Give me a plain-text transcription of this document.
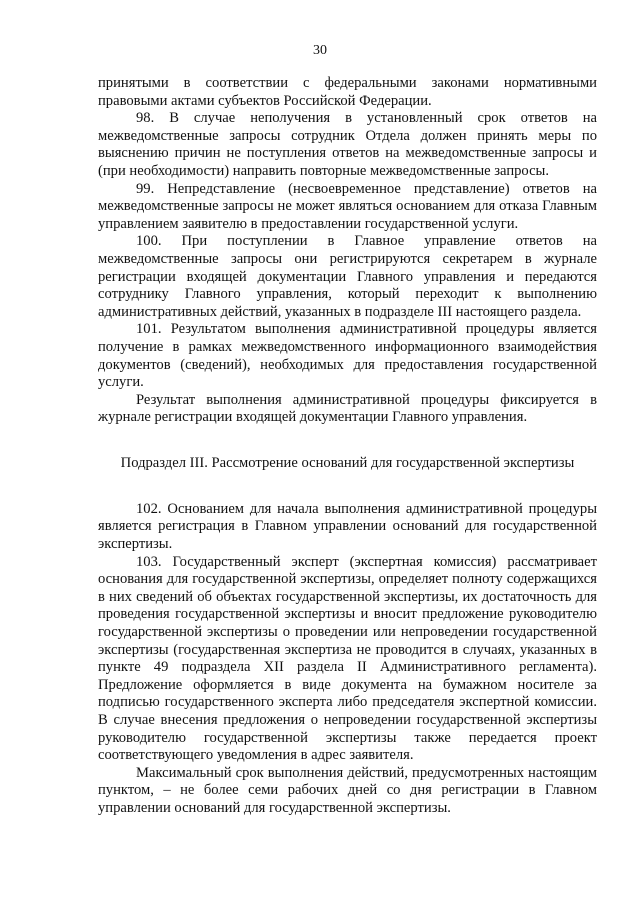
30

принятыми в соответствии с федеральными законами нормативными правовыми актами субъектов Российской Федерации.

98. В случае неполучения в установленный срок ответов на межведомственные запросы сотрудник Отдела должен принять меры по выяснению причин не поступления ответов на межведомственные запросы и (при необходимости) направить повторные межведомственные запросы.

99. Непредставление (несвоевременное представление) ответов на межведомственные запросы не может являться основанием для отказа Главным управлением заявителю в предоставлении государственной услуги.

100. При поступлении в Главное управление ответов на межведомственные запросы они регистрируются секретарем в журнале регистрации входящей документации Главного управления и передаются сотруднику Главного управления, который переходит к выполнению административных действий, указанных в подразделе III настоящего раздела.

101. Результатом выполнения административной процедуры является получение в рамках межведомственного информационного взаимодействия документов (сведений), необходимых для предоставления государственной услуги.

Результат выполнения административной процедуры фиксируется в журнале регистрации входящей документации Главного управления.

Подраздел III. Рассмотрение оснований для государственной экспертизы

102. Основанием для начала выполнения административной процедуры является регистрация в Главном управлении оснований для государственной экспертизы.

103. Государственный эксперт (экспертная комиссия) рассматривает основания для государственной экспертизы, определяет полноту содержащихся в них сведений об объектах государственной экспертизы, их достаточность для проведения государственной экспертизы и вносит предложение руководителю государственной экспертизы о проведении или непроведении государственной экспертизы (государственная экспертиза не проводится в случаях, указанных в пункте 49 подраздела XII раздела II Административного регламента). Предложение оформляется в виде документа на бумажном носителе за подписью государственного эксперта либо председателя экспертной комиссии. В случае внесения предложения о непроведении государственной экспертизы руководителю государственной экспертизы также передается проект соответствующего уведомления в адрес заявителя.

Максимальный срок выполнения действий, предусмотренных настоящим пунктом, – не более семи рабочих дней со дня регистрации в Главном управлении оснований для государственной экспертизы.
